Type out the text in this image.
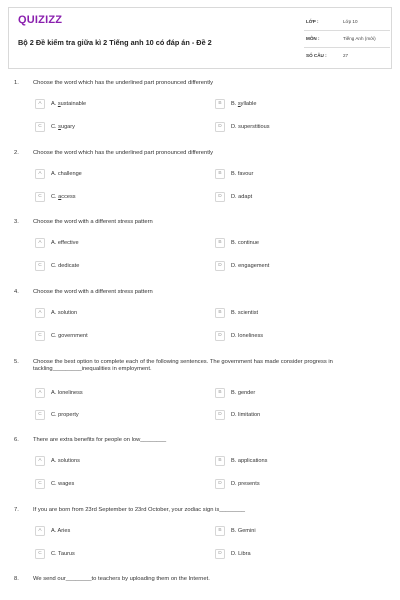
QUIZIZZ
Bộ 2 Đề kiểm tra giữa kì 2 Tiếng anh 10 có đáp án - Đề 2
LỚP :	Lớp 10
MÔN :	Tiếng Anh (mới)
SỐ CÂU :	27
1. Choose the word which has the underlined part pronounced differently
A	A. sustainable	B	B. syllable
C	C. sugary	D	D. superstitious
2. Choose the word which has the underlined part pronounced differently
A	A. challenge	B	B. favour
C	C. access	D	D. adapt
3. Choose the word with a different stress pattern
A	A. effective	B	B. continue
C	C. dedicate	D	D. engagement
4. Choose the word with a different stress pattern
A	A. solution	B	B. scientist
C	C. government	D	D. loneliness
5. Choose the best option to complete each of the following sentences. The government has made consider progress in tackling_________inequalities in employment.
A	A. loneliness	B	B. gender
C	C. property	D	D. limitation
6. There are extra benefits for people on low________
A	A. solutions	B	B. applications
C	C. wages	D	D. presents
7. If you are born from 23rd September to 23rd October, your zodiac sign is________
A	A. Aries	B	B. Gemini
C	C. Taurus	D	D. Libra
8. We send our________to teachers by uploading them on the Internet.
